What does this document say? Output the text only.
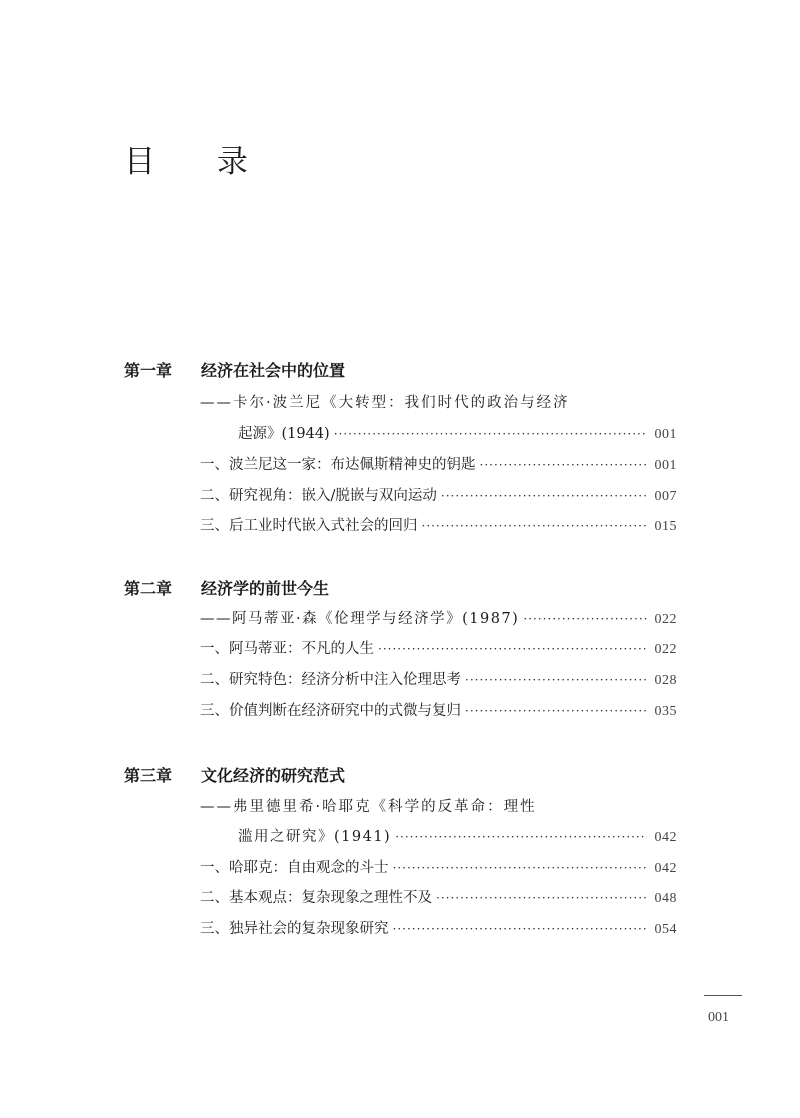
目 录
第一章 经济在社会中的位置
——卡尔·波兰尼《大转型：我们时代的政治与经济
起源》(1944) ·····	001
一、波兰尼这一家：布达佩斯精神史的钥匙 ·····	001
二、研究视角：嵌入/脱嵌与双向运动 ·····	007
三、后工业时代嵌入式社会的回归 ·····	015
第二章 经济学的前世今生
——阿马蒂亚·森《伦理学与经济学》(1987) ·····	022
一、阿马蒂亚：不凡的人生 ·····	022
二、研究特色：经济分析中注入伦理思考 ·····	028
三、价值判断在经济研究中的式微与复归 ·····	035
第三章 文化经济的研究范式
——弗里德里希·哈耶克《科学的反革命：理性
滥用之研究》(1941) ·····	042
一、哈耶克：自由观念的斗士 ·····	042
二、基本观点：复杂现象之理性不及 ·····	048
三、独异社会的复杂现象研究 ·····	054
001
